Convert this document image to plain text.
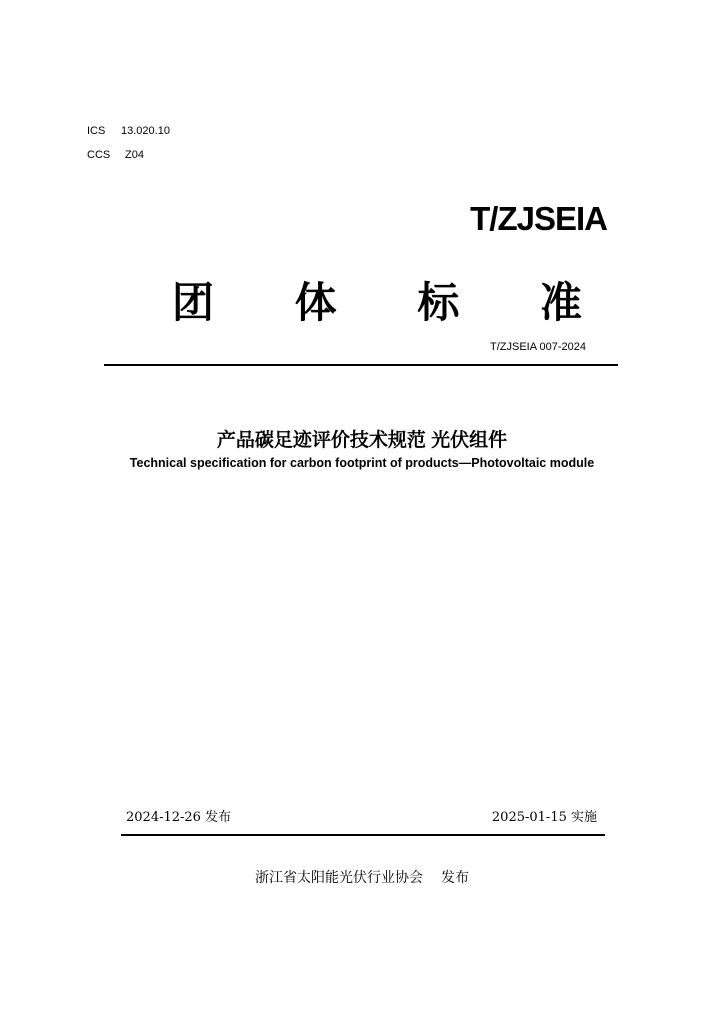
ICS 13.020.10
CCS Z04
T/ZJSEIA
团 体 标 准
T/ZJSEIA 007-2024
产品碳足迹评价技术规范 光伏组件
Technical specification for carbon footprint of products—Photovoltaic module
2024-12-26 发布	2025-01-15 实施
浙江省太阳能光伏行业协会 发布
